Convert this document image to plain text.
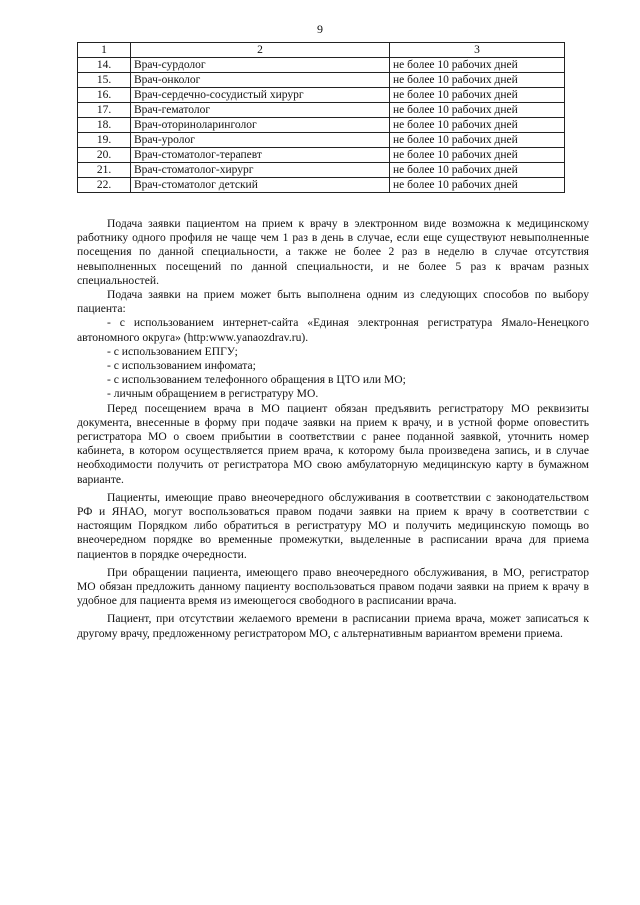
9
1	2	3
14.	Врач-сурдолог	не более 10 рабочих дней
15.	Врач-онколог	не более 10 рабочих дней
16.	Врач-сердечно-сосудистый хирург	не более 10 рабочих дней
17.	Врач-гематолог	не более 10 рабочих дней
18.	Врач-оториноларинголог	не более 10 рабочих дней
19.	Врач-уролог	не более 10 рабочих дней
20.	Врач-стоматолог-терапевт	не более 10 рабочих дней
21.	Врач-стоматолог-хирург	не более 10 рабочих дней
22.	Врач-стоматолог детский	не более 10 рабочих дней

Подача заявки пациентом на прием к врачу в электронном виде возможна к медицинскому работнику одного профиля не чаще чем 1 раз в день в случае, если еще существуют невыполненные посещения по данной специальности, а также не более 2 раз в неделю в случае отсутствия невыполненных посещений по данной специальности, и не более 5 раз к врачам разных специальностей.

Подача заявки на прием может быть выполнена одним из следующих способов по выбору пациента:

- с использованием интернет-сайта «Единая электронная регистратура Ямало-Ненецкого автономного округа» (http:www.yanaozdrav.ru).

- с использованием ЕПГУ;

- с использованием инфомата;

- с использованием телефонного обращения в ЦТО или МО;

- личным обращением в регистратуру МО.

Перед посещением врача в МО пациент обязан предъявить регистратору МО реквизиты документа, внесенные в форму при подаче заявки на прием к врачу, и в устной форме оповестить регистратора МО о своем прибытии в соответствии с ранее поданной заявкой, уточнить номер кабинета, в котором осуществляется прием врача, к которому была произведена запись, и в случае необходимости получить от регистратора МО свою амбулаторную медицинскую карту в бумажном варианте.

Пациенты, имеющие право внеочередного обслуживания в соответствии с законодательством РФ и ЯНАО, могут воспользоваться правом подачи заявки на прием к врачу в соответствии с настоящим Порядком либо обратиться в регистратуру МО и получить медицинскую помощь во внеочередном порядке во временные промежутки, выделенные в расписании врача для приема пациентов в порядке очередности.

При обращении пациента, имеющего право внеочередного обслуживания, в МО, регистратор МО обязан предложить данному пациенту воспользоваться правом подачи заявки на прием к врачу в удобное для пациента время из имеющегося свободного в расписании врача.

Пациент, при отсутствии желаемого времени в расписании приема врача, может записаться к другому врачу, предложенному регистратором МО, с альтернативным вариантом времени приема.
